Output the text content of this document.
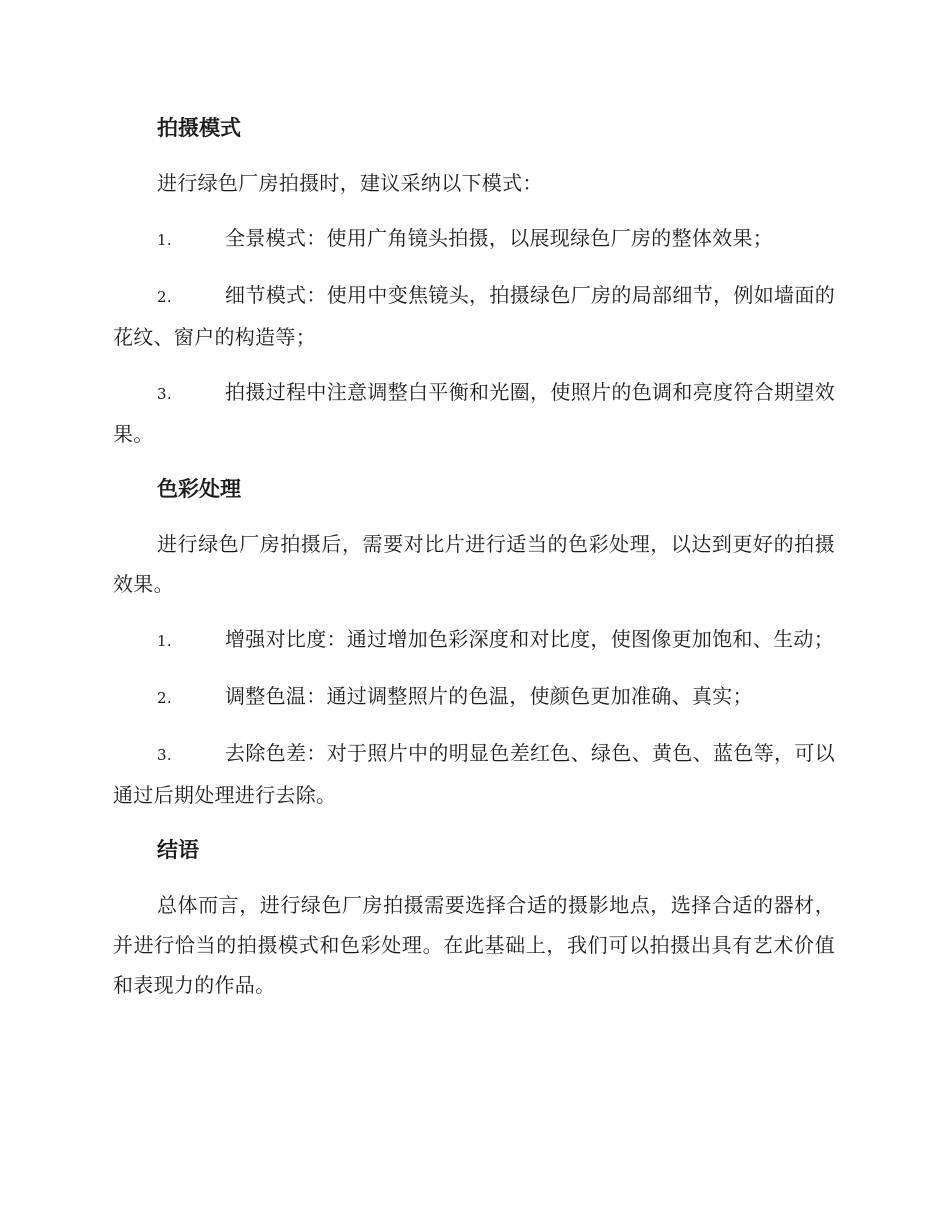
拍摄模式
进行绿色厂房拍摄时，建议采纳以下模式：
1.	全景模式：使用广角镜头拍摄，以展现绿色厂房的整体效果；
2.	细节模式：使用中变焦镜头，拍摄绿色厂房的局部细节，例如墙面的花纹、窗户的构造等；
3.	拍摄过程中注意调整白平衡和光圈，使照片的色调和亮度符合期望效果。
色彩处理
进行绿色厂房拍摄后，需要对比片进行适当的色彩处理，以达到更好的拍摄效果。
1.	增强对比度：通过增加色彩深度和对比度，使图像更加饱和、生动；
2.	调整色温：通过调整照片的色温，使颜色更加准确、真实；
3.	去除色差：对于照片中的明显色差红色、绿色、黄色、蓝色等，可以通过后期处理进行去除。
结语
总体而言，进行绿色厂房拍摄需要选择合适的摄影地点，选择合适的器材，并进行恰当的拍摄模式和色彩处理。在此基础上，我们可以拍摄出具有艺术价值和表现力的作品。
